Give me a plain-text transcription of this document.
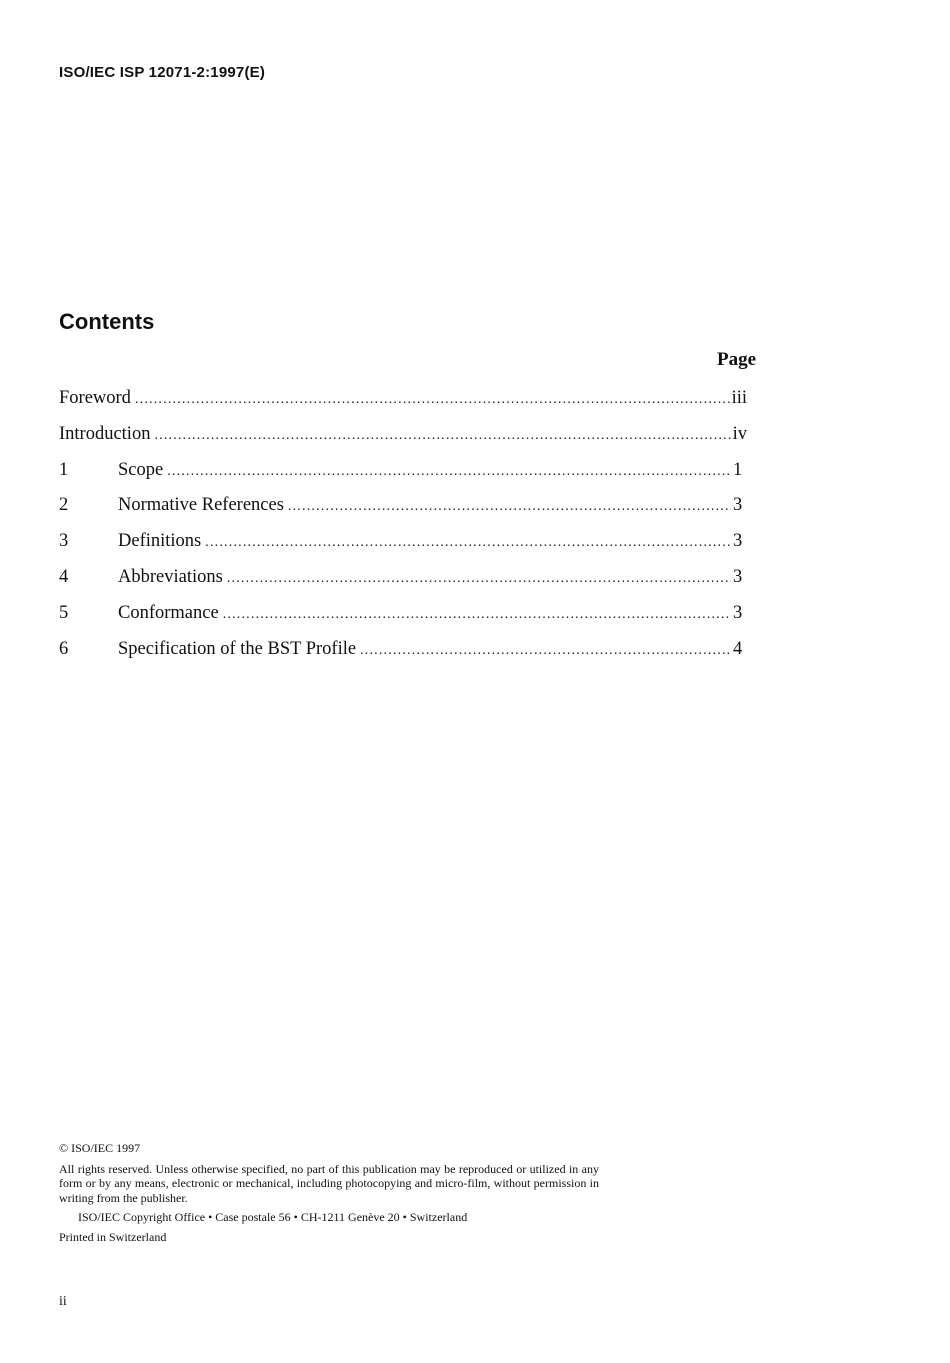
ISO/IEC ISP 12071-2:1997(E)
Contents
Page
Foreword .....	iii
Introduction .....	iv
1	Scope .....	1
2	Normative References .....	3
3	Definitions .....	3
4	Abbreviations .....	3
5	Conformance .....	3
6	Specification of the BST Profile .....	4
© ISO/IEC 1997
All rights reserved. Unless otherwise specified, no part of this publication may be reproduced or utilized in any form or by any means, electronic or mechanical, including photocopying and micro-film, without permission in writing from the publisher.
ISO/IEC Copyright Office • Case postale 56 • CH-1211 Genève 20 • Switzerland
Printed in Switzerland
ii
